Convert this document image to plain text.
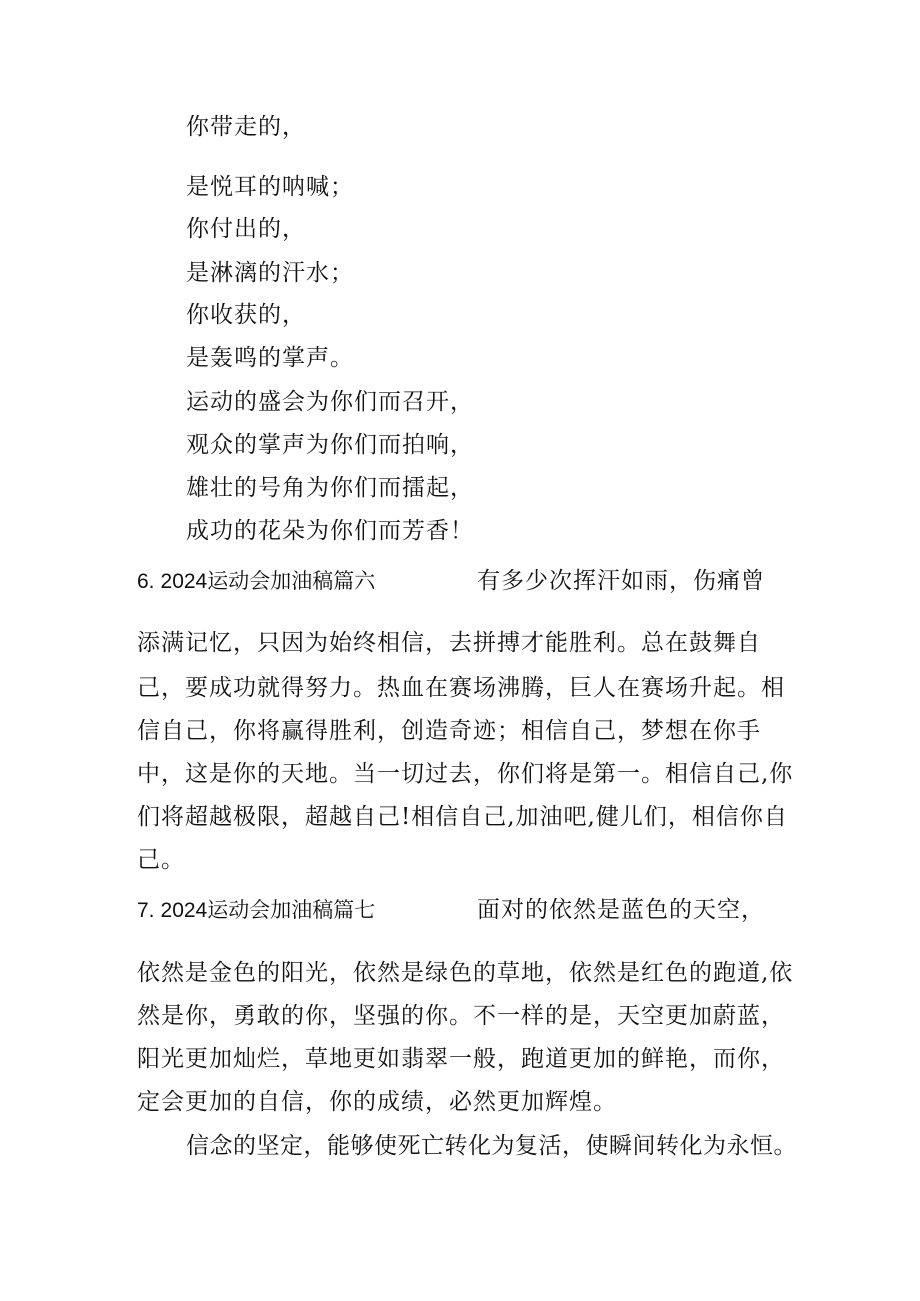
你带走的，
是悦耳的呐喊；
你付出的，
是淋漓的汗水；
你收获的，
是轰鸣的掌声。
运动的盛会为你们而召开，
观众的掌声为你们而拍响，
雄壮的号角为你们而擂起，
成功的花朵为你们而芳香！
6. 2024运动会加油稿篇六	有多少次挥汗如雨，伤痛曾
添满记忆，只因为始终相信，去拼搏才能胜利。总在鼓舞自
己，要成功就得努力。热血在赛场沸腾，巨人在赛场升起。相
信自己，你将赢得胜利，创造奇迹；相信自己，梦想在你手
中，这是你的天地。当一切过去，你们将是第一。相信自己,你
们将超越极限，超越自己!相信自己,加油吧,健儿们，相信你自
己。
7. 2024运动会加油稿篇七	面对的依然是蓝色的天空，
依然是金色的阳光，依然是绿色的草地，依然是红色的跑道,依
然是你，勇敢的你，坚强的你。不一样的是，天空更加蔚蓝，
阳光更加灿烂，草地更如翡翠一般，跑道更加的鲜艳，而你，
定会更加的自信，你的成绩，必然更加辉煌。
信念的坚定，能够使死亡转化为复活，使瞬间转化为永恒。
